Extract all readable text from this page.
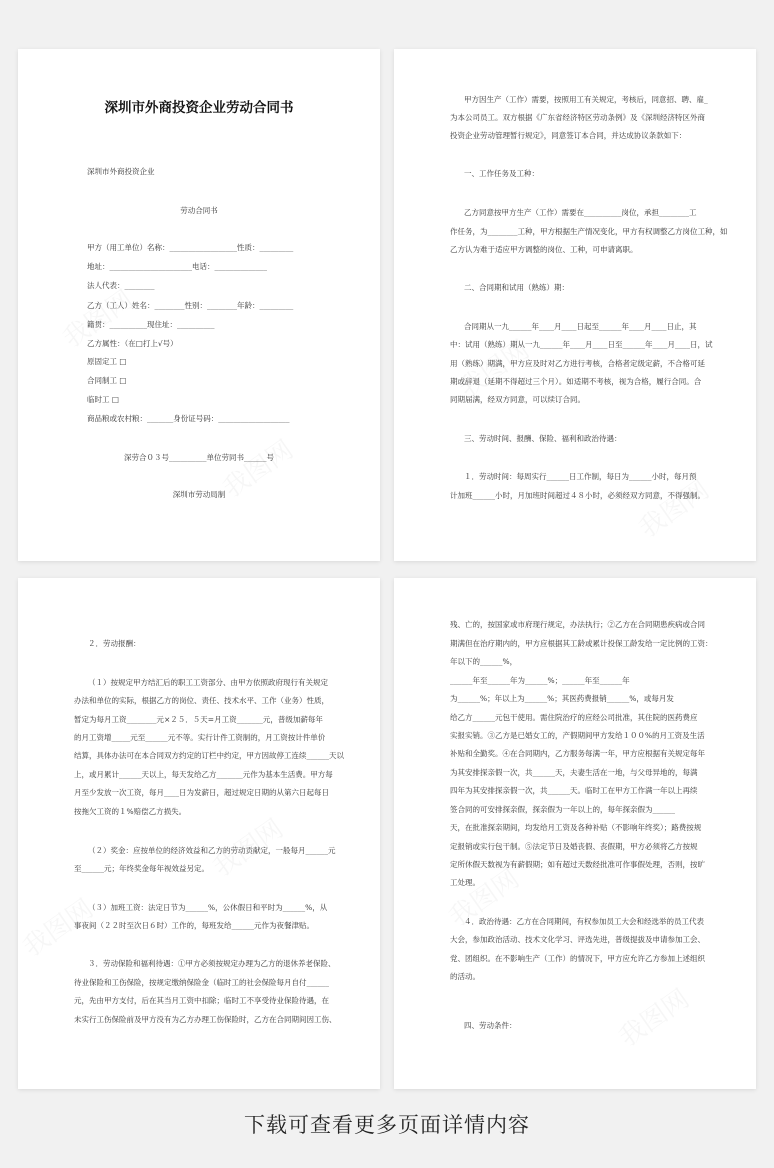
深圳市外商投资企业劳动合同书
深圳市外商投资企业
劳动合同书
甲方（用工单位）名称：__________________性质：_________
地址：______________________电话：______________
法人代表：________
乙方（工人）姓名：________性别：________年龄：_________
籍贯：__________现住址：__________
乙方属性：（在□打上√号）
原固定工 □
合同制工 □
临时工 □
商品粮或农村粮：_______身份证号码：___________________
深劳合０３号__________单位劳同书______号
深圳市劳动局制
甲方因生产（工作）需要，按照用工有关规定，考核后，同意招、聘、雇_
为本公司员工。双方根据《广东省经济特区劳动条例》及《深圳经济特区外商
投资企业劳动管理暂行规定》，同意签订本合同，并达成协议条款如下：
一、工作任务及工种：
乙方同意按甲方生产（工作）需要在__________岗位，承担________工
作任务，为________工种，甲方根据生产情况变化，甲方有权调整乙方岗位工种，如
乙方认为难于适应甲方调整的岗位、工种，可申请离职。
二、合同期和试用（熟练）期：
合同期从一九______年____月____日起至______年____月____日止，其
中：试用（熟练）期从一九______年____月____日至______年____月____日，试
用（熟练）期满，甲方应及时对乙方进行考核，合格者定级定薪，不合格可延
期或辞退（延期不得超过三个月）。如适期不考核，视为合格，履行合同。合
同期届满，经双方同意，可以续订合同。
三、劳动时间、报酬、保险、福利和政治待遇：
１．劳动时间：每周实行______日工作制，每日为______小时，每月预
计加班______小时，月加班时间超过４８小时，必须经双方同意，不得强制。
２．劳动报酬：
（１）按规定甲方结汇后的职工工资部分、由甲方依照政府现行有关规定
办法和单位的实际，根据乙方的岗位、责任、技术水平、工作（业务）性质，
暂定为每月工资________元×２５．５天=月工资_______元，普级加薪每年
的月工资增_____元至______元不等。实行计件工资制的，月工资按计件单价
结算，具体办法可在本合同双方约定的订栏中约定，甲方因故停工连续______天以
上，或月累计______天以上，每天发给乙方_______元作为基本生活费。甲方每
月至少发放一次工资，每月____日为发薪日，超过规定日期的从第六日起每日
按拖欠工资的１%赔偿乙方损失。
（２）奖金：应按单位的经济效益和乙方的劳动贡献定，一般每月______元
至______元；年终奖金每年视效益另定。
（３）加班工资：法定日节为______%，公休假日和平时为______%，从
事夜间（２２时至次日６时）工作的，每班发给______元作为夜餐津贴。
３．劳动保险和福利待遇：①甲方必须按规定办理为乙方的退休养老保险、
待业保险和工伤保险，按规定缴纳保险金（临时工的社会保险每月自付______
元，先由甲方支付，后在其当月工资中扣除；临时工不享受待业保险待遇，在
未实行工伤保险前及甲方没有为乙方办理工伤保险时，乙方在合同期间因工伤、
残、亡的，按国家或市府现行规定，办法执行；②乙方在合同期患疾病或合同
期满但在治疗期内的，甲方应根据其工龄或累计投保工龄发给一定比例的工资：
年以下的______%，
______年至______年为______%；______年至______年
为______%；年以上为______%；其医药费报销______%，或每月发
给乙方______元包干使用。需住院治疗的应经公司批准，其住院的医药费应
实报实销。③乙方是已婚女工的，产假期间甲方发给１００%的月工资及生活
补贴和全勤奖。④在合同期内，乙方服务每满一年，甲方应根据有关规定每年
为其安排探亲假一次，共______天，夫妻生活在一地，与父母异地的，每满
四年为其安排探亲假一次，共______天。临时工在甲方工作满一年以上再续
签合同的可安排探亲假，探亲假为一年以上的，每年探亲假为______
天，在批准探亲期间，均发给月工资及各种补贴（不影响年终奖）；路费按规
定报销或实行包干制。⑤法定节日及婚丧假、丧假期，甲方必须将乙方按规
定所休假天数视为有薪假期；如有超过天数经批准可作事假处理，否则，按旷
工处理。
４．政治待遇：乙方在合同期间，有权参加员工大会和经选举的员工代表
大会，参加政治活动、技术文化学习、评选先进，普级提拔及申请参加工会、
党、团组织。在不影响生产（工作）的情况下，甲方应允许乙方参加上述组织
的活动。
四、劳动条件：
下载可查看更多页面详情内容
